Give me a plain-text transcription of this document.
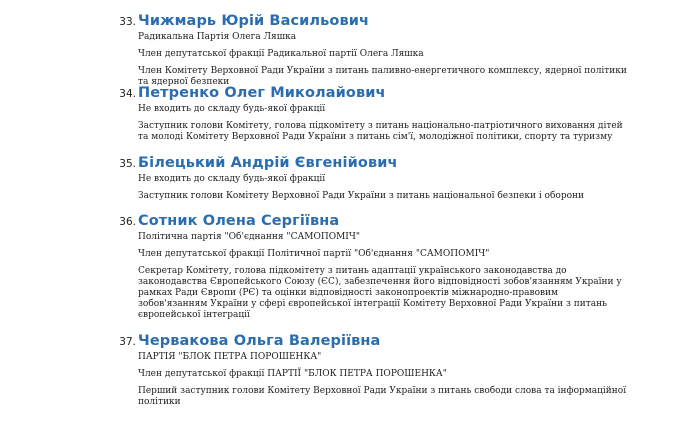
33. Чижмарь Юрій Васильович
Радикальна Партія Олега Ляшка
Член депутатської фракції Радикальної партії Олега Ляшка
Член Комітету Верховної Ради України з питань паливно-енергетичного комплексу, ядерної політики
та ядерної безпеки
34. Петренко Олег Миколайович
Не входить до складу будь-якої фракції
Заступник голови Комітету, голова підкомітету з питань національно-патріотичного виховання дітей
та молоді Комітету Верховної Ради України з питань сім'ї, молодіжної політики, спорту та туризму
35. Білецький Андрій Євгенійович
Не входить до складу будь-якої фракції
Заступник голови Комітету Верховної Ради України з питань національної безпеки і оборони
36. Сотник Олена Сергіївна
Політична партія "Об'єднання "САМОПОМІЧ"
Член депутатської фракції Політичної партії "Об'єднання "САМОПОМІЧ"
Секретар Комітету, голова підкомітету з питань адаптації українського законодавства до
законодавства Європейського Союзу (ЄС), забезпечення його відповідності зобов'язанням України у
рамках Ради Європи (РЄ) та оцінки відповідності законопроектів міжнародно-правовим
зобов'язанням України у сфері європейської інтеграції Комітету Верховної Ради України з питань
європейської інтеграції
37. Червакова Ольга Валеріївна
ПАРТІЯ "БЛОК ПЕТРА ПОРОШЕНКА"
Член депутатської фракції ПАРТІЇ "БЛОК ПЕТРА ПОРОШЕНКА"
Перший заступник голови Комітету Верховної Ради України з питань свободи слова та інформаційної
політики
